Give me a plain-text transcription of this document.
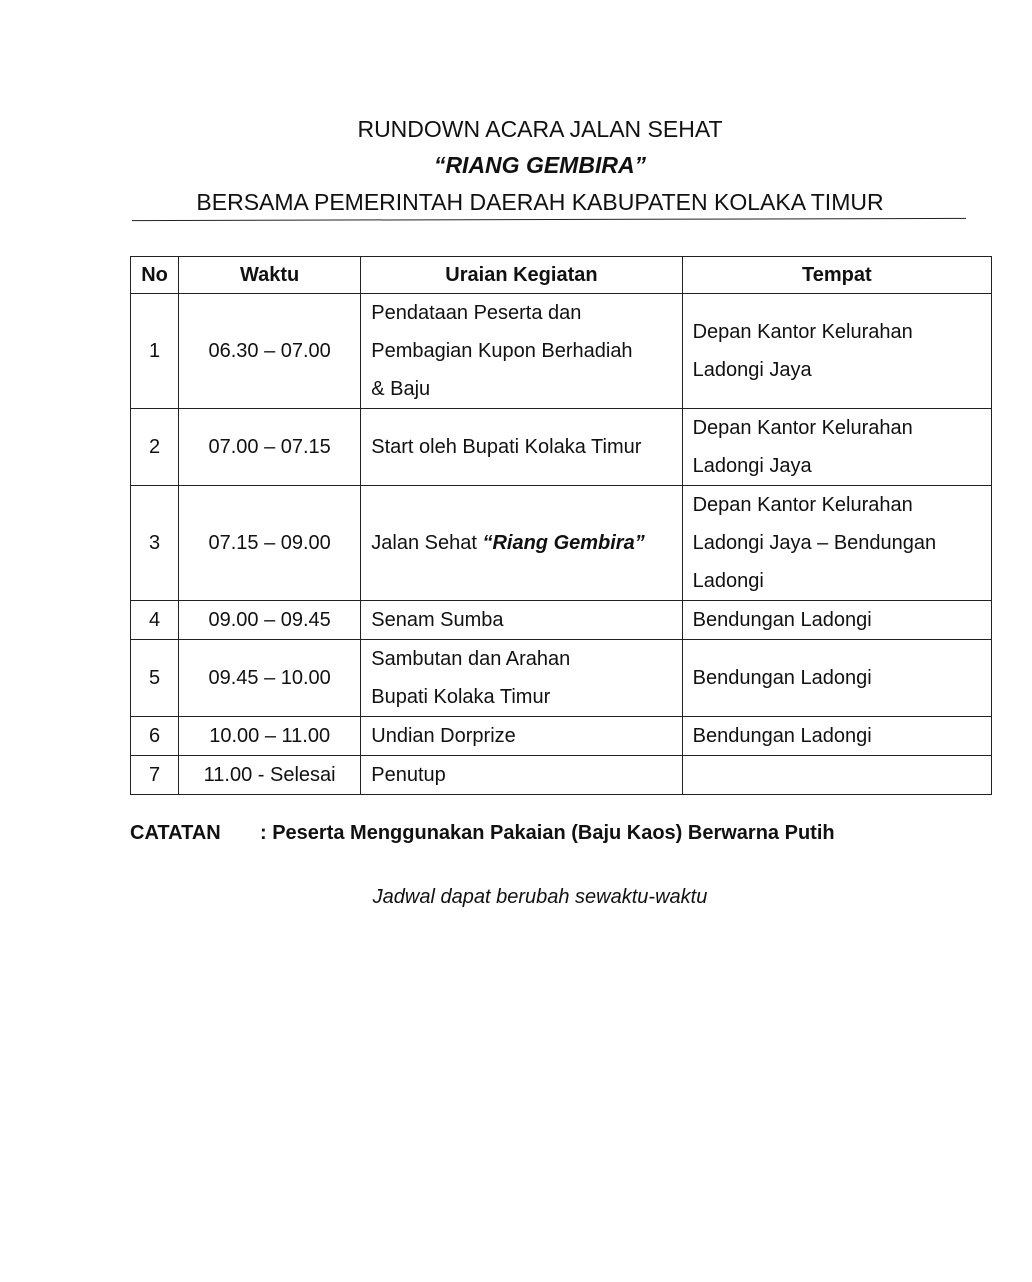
RUNDOWN ACARA JALAN SEHAT
“RIANG GEMBIRA”
BERSAMA PEMERINTAH DAERAH KABUPATEN KOLAKA TIMUR
No	Waktu	Uraian Kegiatan	Tempat
1	06.30 – 07.00	Pendataan Peserta dan
Pembagian Kupon Berhadiah
& Baju	Depan Kantor Kelurahan
Ladongi Jaya

2	07.00 – 07.15	Start oleh Bupati Kolaka Timur	Depan Kantor Kelurahan
Ladongi Jaya

3	07.15 – 09.00	Jalan Sehat “Riang Gembira”	Depan Kantor Kelurahan
Ladongi Jaya – Bendungan
Ladongi

4	09.00 – 09.45	Senam Sumba	Bendungan Ladongi

5	09.45 – 10.00	Sambutan dan Arahan
Bupati Kolaka Timur	Bendungan Ladongi

6	10.00 – 11.00	Undian Dorprize	Bendungan Ladongi

7	11.00 - Selesai	Penutup	

CATATAN : Peserta Menggunakan Pakaian (Baju Kaos) Berwarna Putih
Jadwal dapat berubah sewaktu-waktu
